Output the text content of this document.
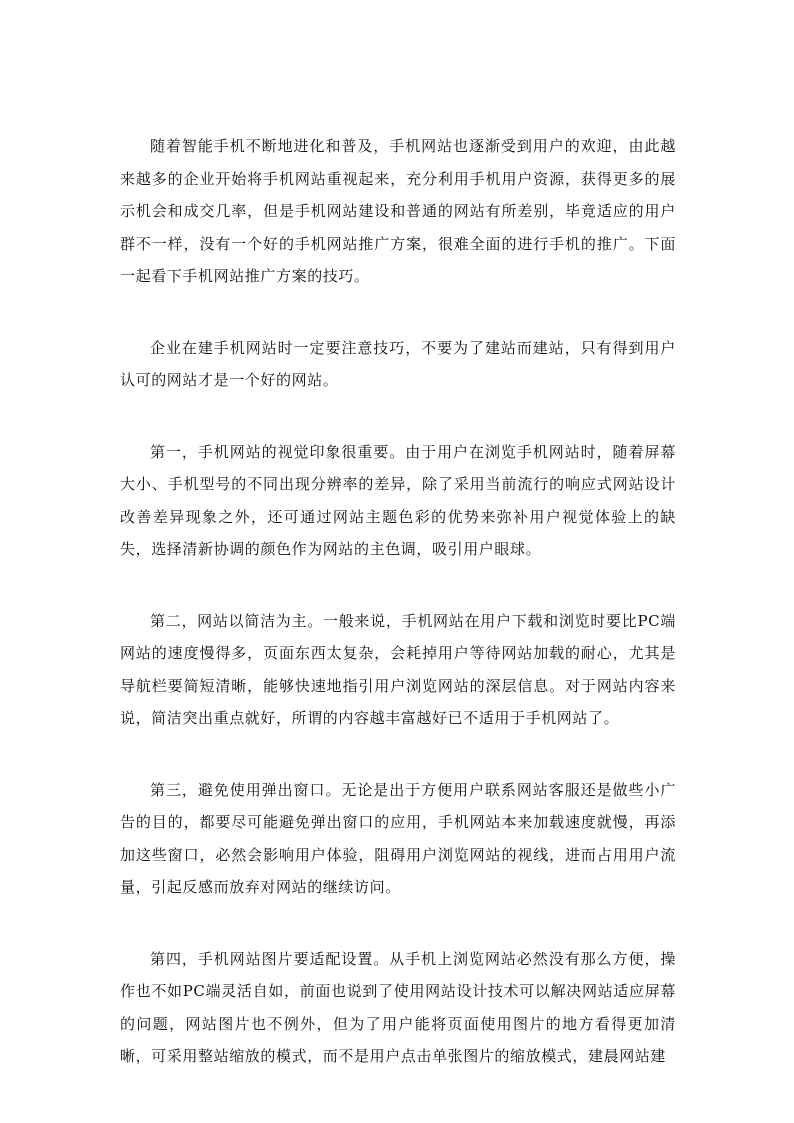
随着智能手机不断地进化和普及，手机网站也逐渐受到用户的欢迎，由此越来越多的企业开始将手机网站重视起来，充分利用手机用户资源，获得更多的展示机会和成交几率，但是手机网站建设和普通的网站有所差别，毕竟适应的用户群不一样，没有一个好的手机网站推广方案，很难全面的进行手机的推广。下面一起看下手机网站推广方案的技巧。

企业在建手机网站时一定要注意技巧，不要为了建站而建站，只有得到用户认可的网站才是一个好的网站。

第一，手机网站的视觉印象很重要。由于用户在浏览手机网站时，随着屏幕大小、手机型号的不同出现分辨率的差异，除了采用当前流行的响应式网站设计改善差异现象之外，还可通过网站主题色彩的优势来弥补用户视觉体验上的缺失，选择清新协调的颜色作为网站的主色调，吸引用户眼球。

第二，网站以简洁为主。一般来说，手机网站在用户下载和浏览时要比PC端网站的速度慢得多，页面东西太复杂，会耗掉用户等待网站加载的耐心，尤其是导航栏要简短清晰，能够快速地指引用户浏览网站的深层信息。对于网站内容来说，简洁突出重点就好，所谓的内容越丰富越好已不适用于手机网站了。

第三，避免使用弹出窗口。无论是出于方便用户联系网站客服还是做些小广告的目的，都要尽可能避免弹出窗口的应用，手机网站本来加载速度就慢，再添加这些窗口，必然会影响用户体验，阻碍用户浏览网站的视线，进而占用用户流量，引起反感而放弃对网站的继续访问。

第四，手机网站图片要适配设置。从手机上浏览网站必然没有那么方便，操作也不如PC端灵活自如，前面也说到了使用网站设计技术可以解决网站适应屏幕的问题，网站图片也不例外，但为了用户能将页面使用图片的地方看得更加清晰，可采用整站缩放的模式，而不是用户点击单张图片的缩放模式，建晨网站建
